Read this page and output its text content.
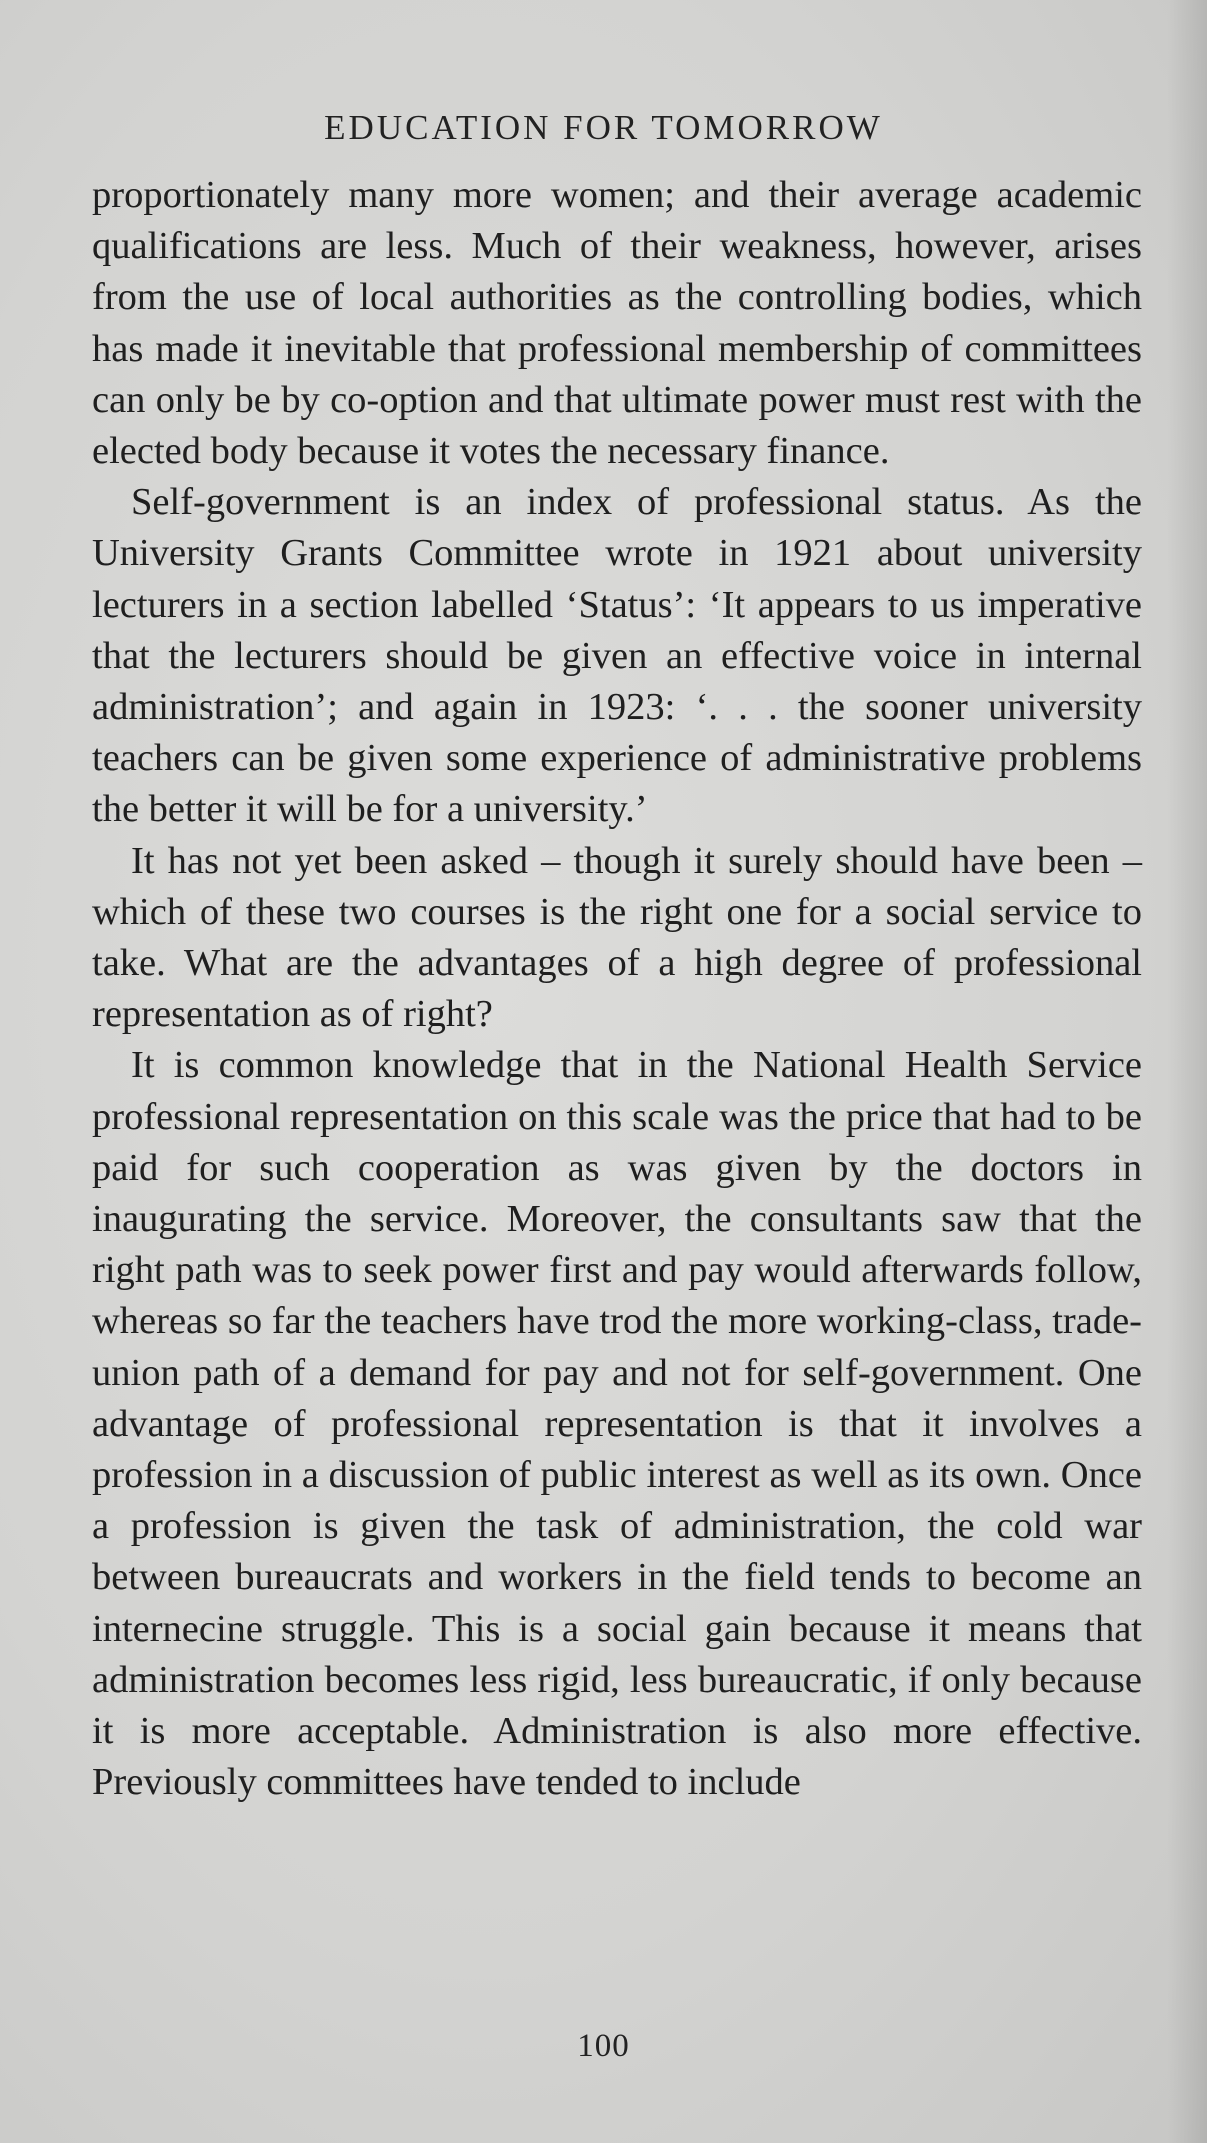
EDUCATION FOR TOMORROW

proportionately many more women; and their average academic qualifications are less. Much of their weakness, however, arises from the use of local authorities as the controlling bodies, which has made it inevitable that professional membership of committees can only be by co-option and that ultimate power must rest with the elected body because it votes the necessary finance.

Self-government is an index of professional status. As the University Grants Committee wrote in 1921 about university lecturers in a section labelled ‘Status’: ‘It appears to us imperative that the lecturers should be given an effective voice in internal administration’; and again in 1923: ‘. . . the sooner university teachers can be given some experience of administrative problems the better it will be for a university.’

It has not yet been asked – though it surely should have been – which of these two courses is the right one for a social service to take. What are the advantages of a high degree of professional representation as of right?

It is common knowledge that in the National Health Service professional representation on this scale was the price that had to be paid for such cooperation as was given by the doctors in inaugurating the service. Moreover, the consultants saw that the right path was to seek power first and pay would afterwards follow, whereas so far the teachers have trod the more working-class, trade-union path of a demand for pay and not for self-government. One advantage of professional representation is that it involves a profession in a discussion of public interest as well as its own. Once a profession is given the task of administration, the cold war between bureaucrats and workers in the field tends to become an internecine struggle. This is a social gain because it means that administration becomes less rigid, less bureaucratic, if only because it is more acceptable. Administration is also more effective. Previously committees have tended to include

100
